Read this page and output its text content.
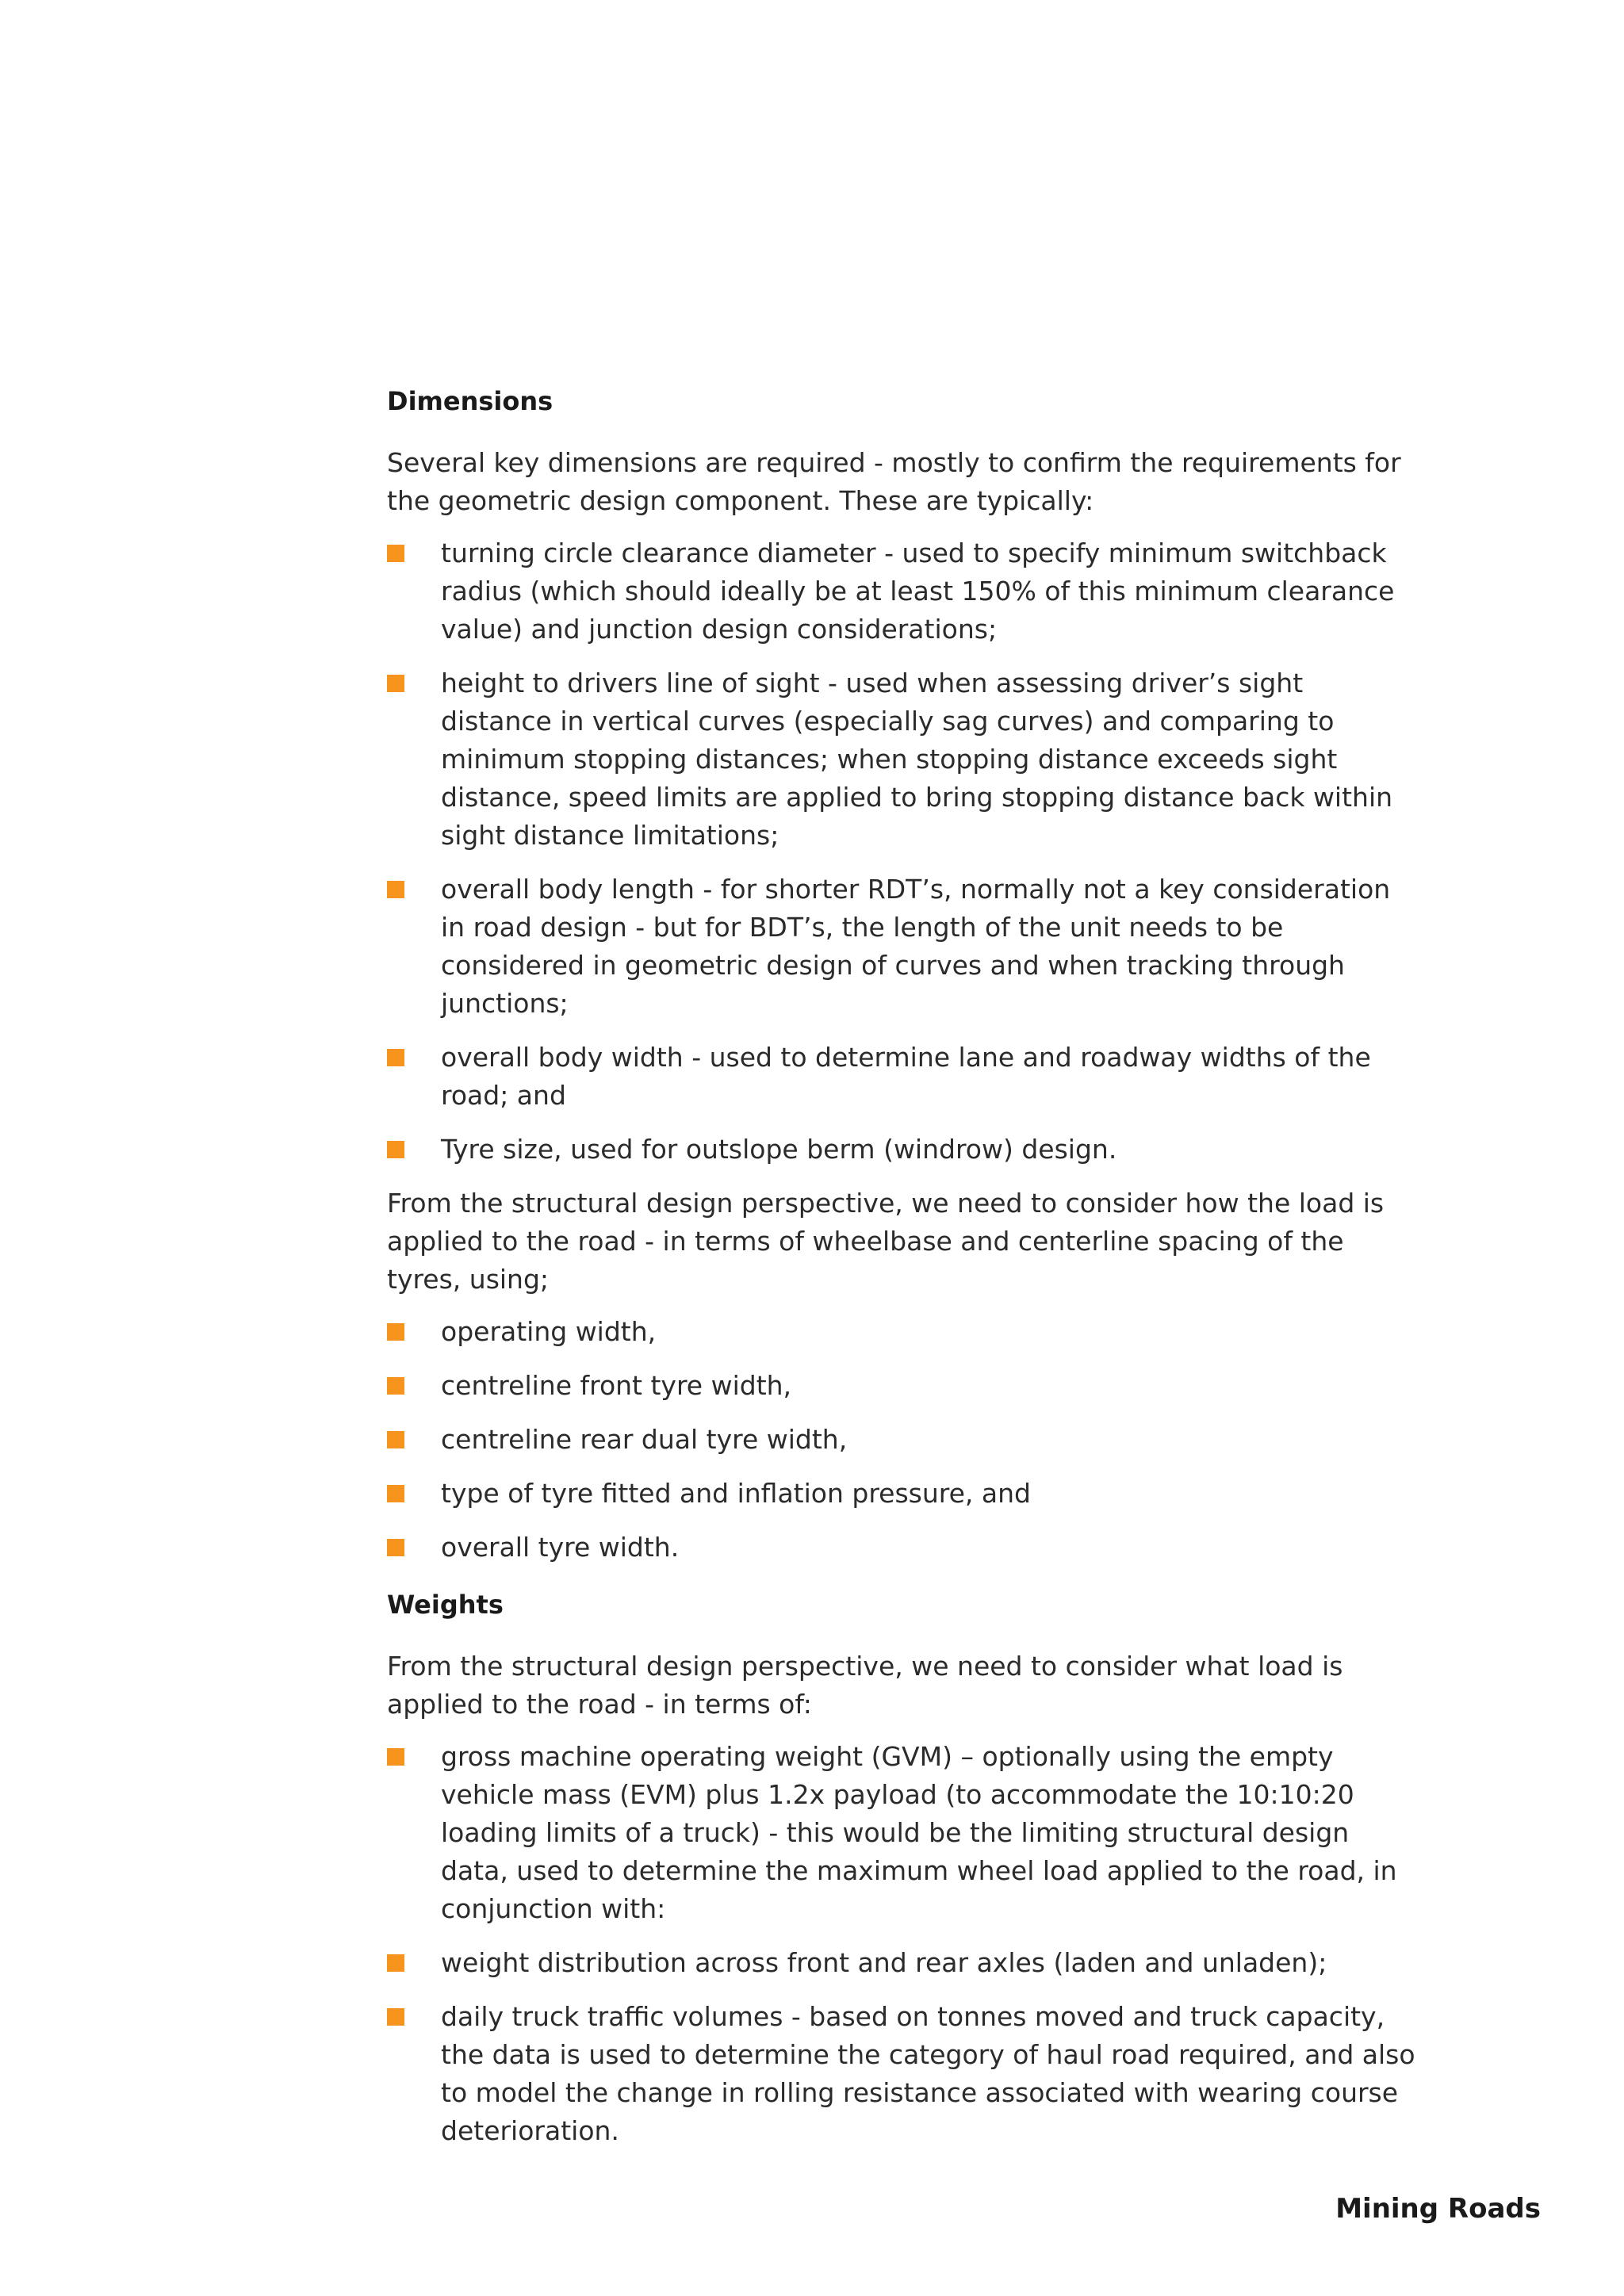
Dimensions

Several key dimensions are required - mostly to confirm the requirements for the geometric design component. These are typically:

turning circle clearance diameter - used to specify minimum switchback radius (which should ideally be at least 150% of this minimum clearance value) and junction design considerations;
height to drivers line of sight - used when assessing driver’s sight distance in vertical curves (especially sag curves) and comparing to minimum stopping distances; when stopping distance exceeds sight distance, speed limits are applied to bring stopping distance back within sight distance limitations;
overall body length - for shorter RDT’s, normally not a key consideration in road design - but for BDT’s, the length of the unit needs to be considered in geometric design of curves and when tracking through junctions;
overall body width - used to determine lane and roadway widths of the road; and
Tyre size, used for outslope berm (windrow) design.

From the structural design perspective, we need to consider how the load is applied to the road - in terms of wheelbase and centerline spacing of the tyres, using;

operating width,
centreline front tyre width,
centreline rear dual tyre width,
type of tyre fitted and inflation pressure, and
overall tyre width.
Weights

From the structural design perspective, we need to consider what load is applied to the road - in terms of:

gross machine operating weight (GVM) – optionally using the empty vehicle mass (EVM) plus 1.2x payload (to accommodate the 10:10:20 loading limits of a truck) - this would be the limiting structural design data, used to determine the maximum wheel load applied to the road, in conjunction with:
weight distribution across front and rear axles (laden and unladen);
daily truck traffic volumes - based on tonnes moved and truck capacity, the data is used to determine the category of haul road required, and also to model the change in rolling resistance associated with wearing course deterioration.
Mining Roads
